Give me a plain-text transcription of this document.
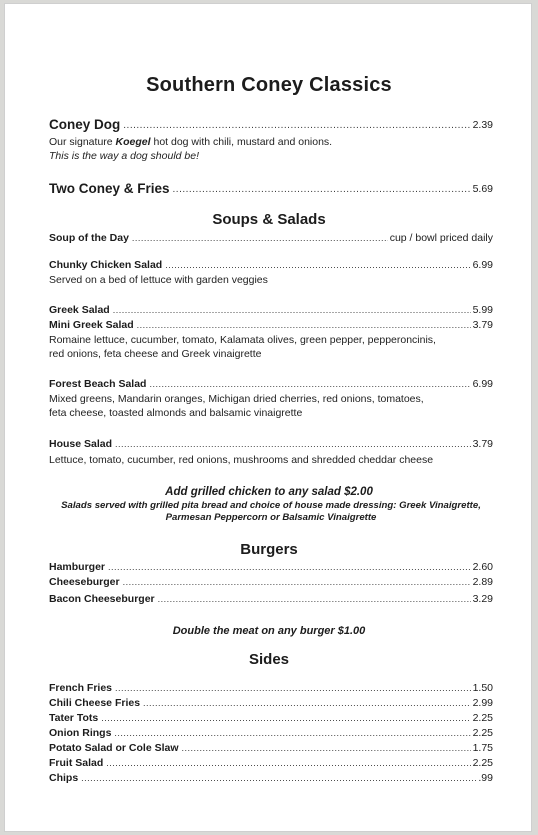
Southern Coney Classics
Coney Dog .....	2.39
Our signature Koegel hot dog with chili, mustard and onions.
This is the way a dog should be!
Two Coney & Fries .....	5.69
Soups & Salads
Soup of the Day .....	cup / bowl priced daily
Chunky Chicken Salad .....	6.99
Served on a bed of lettuce with garden veggies
Greek Salad .....	5.99
Mini Greek Salad .....	3.79
Romaine lettuce, cucumber, tomato, Kalamata olives, green pepper, pepperoncinis,
red onions, feta cheese and Greek vinaigrette
Forest Beach Salad .....	6.99
Mixed greens, Mandarin oranges, Michigan dried cherries, red onions, tomatoes,
feta cheese, toasted almonds and balsamic vinaigrette
House Salad .....	3.79
Lettuce, tomato, cucumber, red onions, mushrooms and shredded cheddar cheese
Add grilled chicken to any salad $2.00
Salads served with grilled pita bread and choice of house made dressing: Greek Vinaigrette, Parmesan Peppercorn or Balsamic Vinaigrette
Burgers
Hamburger .....	2.60
Cheeseburger .....	2.89
Bacon Cheeseburger .....	3.29
Double the meat on any burger $1.00
Sides
French Fries .....	1.50
Chili Cheese Fries .....	2.99
Tater Tots .....	2.25
Onion Rings .....	2.25
Potato Salad or Cole Slaw .....	1.75
Fruit Salad .....	2.25
Chips .....	.99
